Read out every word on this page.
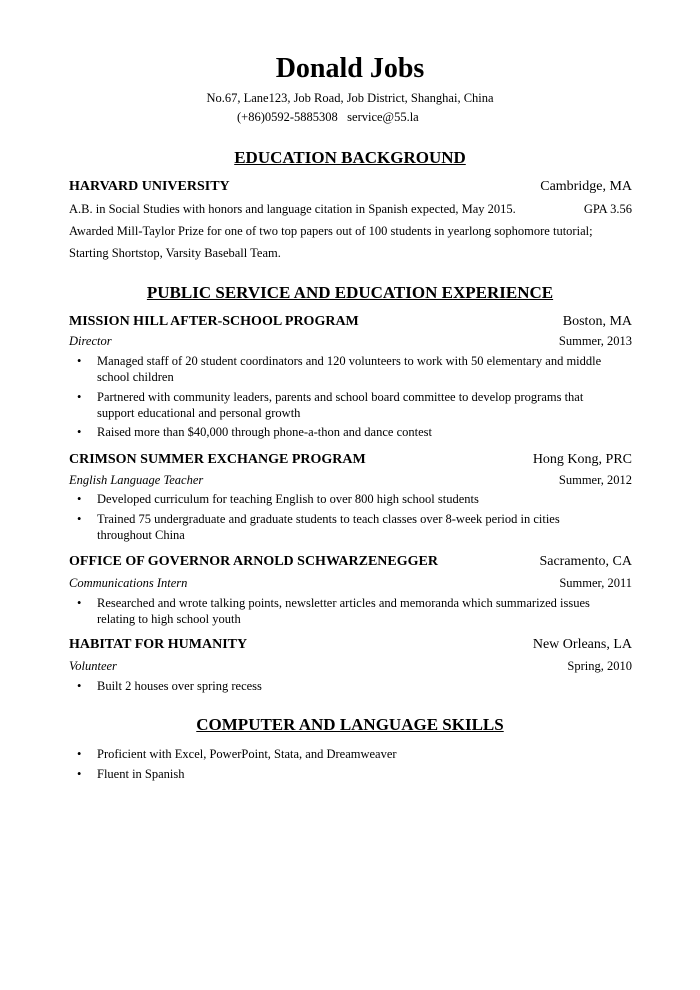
Donald Jobs
No.67, Lane123, Job Road, Job District, Shanghai, China
(+86)0592-5885308   service@55.la
EDUCATION BACKGROUND
HARVARD UNIVERSITY	Cambridge, MA
A.B. in Social Studies with honors and language citation in Spanish expected, May 2015.	GPA 3.56
Awarded Mill-Taylor Prize for one of two top papers out of 100 students in yearlong sophomore tutorial;
Starting Shortstop, Varsity Baseball Team.
PUBLIC SERVICE AND EDUCATION EXPERIENCE
MISSION HILL AFTER-SCHOOL PROGRAM	Boston, MA
Director	Summer, 2013
• Managed staff of 20 student coordinators and 120 volunteers to work with 50 elementary and middle school children
• Partnered with community leaders, parents and school board committee to develop programs that support educational and personal growth
• Raised more than $40,000 through phone-a-thon and dance contest
CRIMSON SUMMER EXCHANGE PROGRAM	Hong Kong, PRC
English Language Teacher	Summer, 2012
• Developed curriculum for teaching English to over 800 high school students
• Trained 75 undergraduate and graduate students to teach classes over 8-week period in cities throughout China
OFFICE OF GOVERNOR ARNOLD SCHWARZENEGGER	Sacramento, CA
Communications Intern	Summer, 2011
• Researched and wrote talking points, newsletter articles and memoranda which summarized issues relating to high school youth
HABITAT FOR HUMANITY	New Orleans, LA
Volunteer	Spring, 2010
• Built 2 houses over spring recess
COMPUTER AND LANGUAGE SKILLS
• Proficient with Excel, PowerPoint, Stata, and Dreamweaver
• Fluent in Spanish
